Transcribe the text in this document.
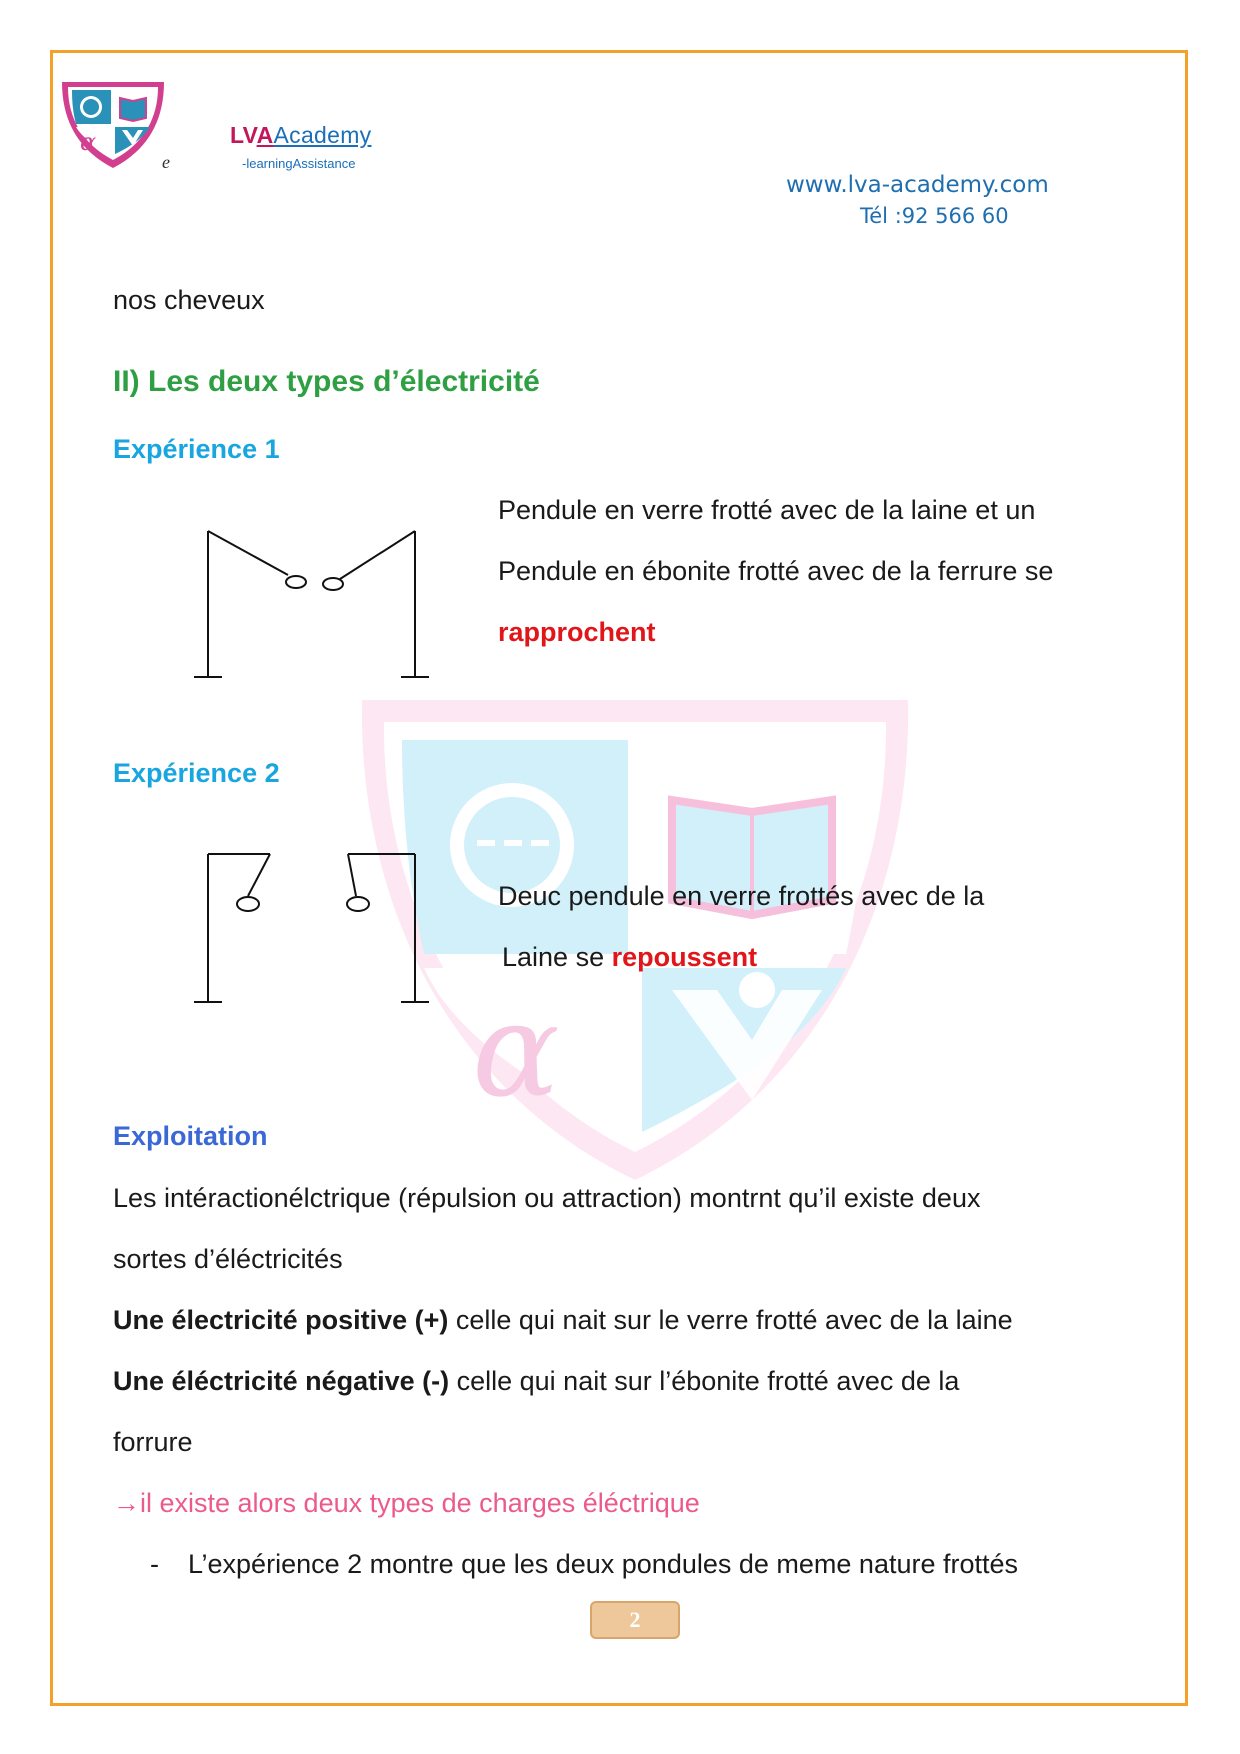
α
α
e
LVAAcademy
-learningAssistance
www.lva-academy.com
Tél :92 566 60
nos cheveux
II) Les deux types d’électricité
Expérience 1
Pendule en verre frotté avec de la laine et un
Pendule en ébonite frotté avec de la ferrure se
rapprochent
Expérience 2
Deuc pendule en verre frottés avec de la
Laine se repoussent
Exploitation
Les intéractionélctrique (répulsion ou attraction) montrnt qu’il existe deux
sortes d’éléctricités
Une électricité positive (+) celle qui nait sur le verre frotté avec de la laine
Une éléctricité négative (-) celle qui nait sur l’ébonite frotté avec de la
forrure
→il existe alors deux types de charges éléctrique
- L’expérience 2 montre que les deux pondules de meme nature frottés
2
